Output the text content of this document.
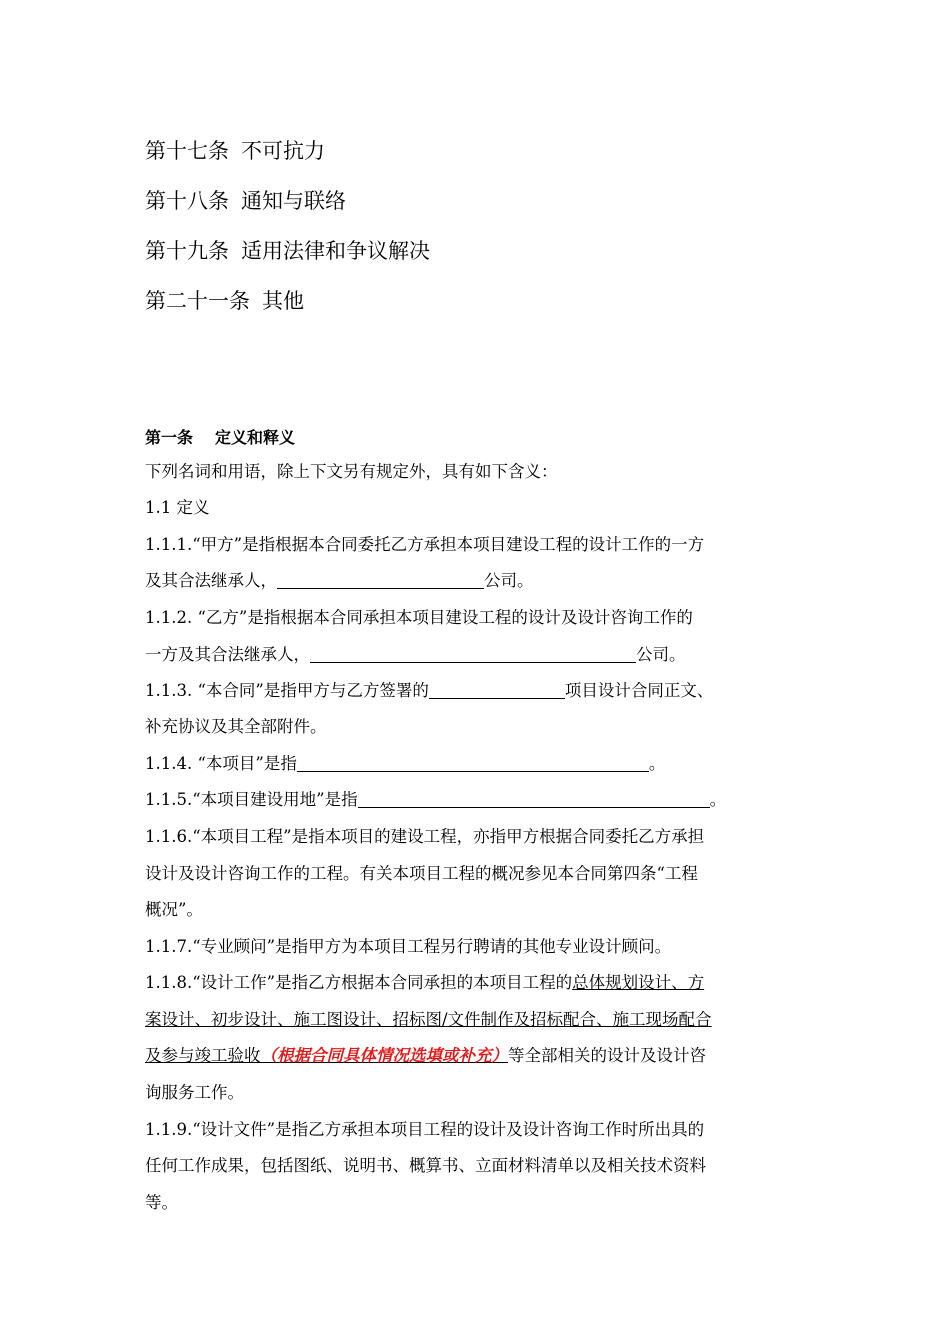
第十七条 不可抗力
第十八条 通知与联络
第十九条 适用法律和争议解决
第二十一条 其他
第一条 定义和释义
下列名词和用语，除上下文另有规定外，具有如下含义：
1.1 定义
1.1.1.“甲方”是指根据本合同委托乙方承担本项目建设工程的设计工作的一方
及其合法继承人，	公司。
1.1.2. “乙方”是指根据本合同承担本项目建设工程的设计及设计咨询工作的
一方及其合法继承人，	公司。
1.1.3. “本合同”是指甲方与乙方签署的	项目设计合同正文、
补充协议及其全部附件。
1.1.4. “本项目”是指	。
1.1.5.“本项目建设用地”是指	。
1.1.6.“本项目工程”是指本项目的建设工程，亦指甲方根据合同委托乙方承担
设计及设计咨询工作的工程。有关本项目工程的概况参见本合同第四条“工程
概况”。
1.1.7.“专业顾问”是指甲方为本项目工程另行聘请的其他专业设计顾问。
1.1.8.“设计工作”是指乙方根据本合同承担的本项目工程的总体规划设计、方
案设计、初步设计、施工图设计、招标图/文件制作及招标配合、施工现场配合
及参与竣工验收（根据合同具体情况选填或补充）等全部相关的设计及设计咨
询服务工作。
1.1.9.“设计文件”是指乙方承担本项目工程的设计及设计咨询工作时所出具的
任何工作成果，包括图纸、说明书、概算书、立面材料清单以及相关技术资料
等。
